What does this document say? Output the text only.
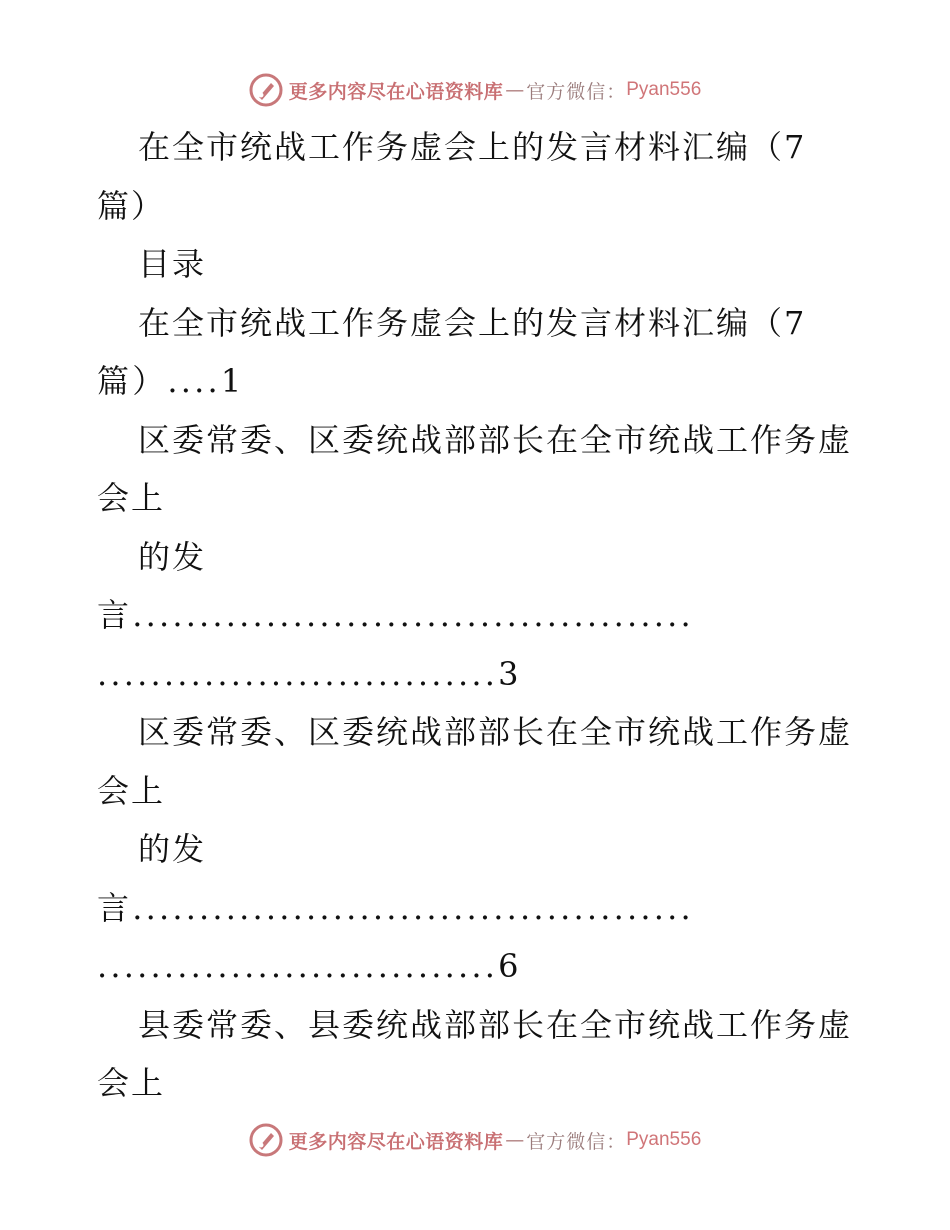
更多内容尽在心语资料库 — 官方微信： Pyan556
在全市统战工作务虚会上的发言材料汇编（7
篇）
目录
在全市统战工作务虚会上的发言材料汇编（7
篇）....1
区委常委、区委统战部部长在全市统战工作务虚
会上
的发
言..........................................
..............................3
区委常委、区委统战部部长在全市统战工作务虚
会上
的发
言..........................................
..............................6
县委常委、县委统战部部长在全市统战工作务虚
会上
更多内容尽在心语资料库 — 官方微信： Pyan556
